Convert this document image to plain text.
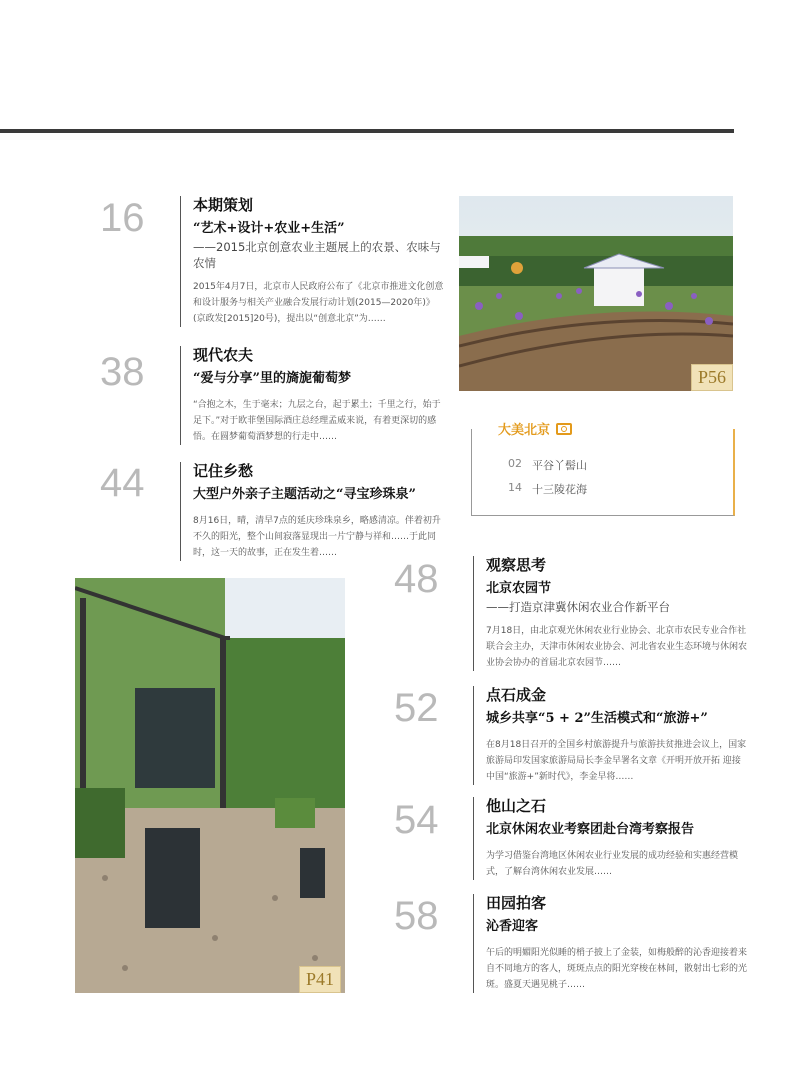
16	本期策划

“艺术+设计+农业+生活”

——2015北京创意农业主题展上的农景、农味与农情

2015年4月7日，北京市人民政府公布了《北京市推进文化创意和设计服务与相关产业融合发展行动计划(2015—2020年)》(京政发[2015]20号)，提出以“创意北京”为……

38	现代农夫

“爱与分享”里的旖旎葡萄梦

“合抱之木，生于毫末；九层之台，起于累土；千里之行，始于足下。”对于欧菲堡国际酒庄总经理孟威来说，有着更深切的感悟。在圆梦葡萄酒梦想的行走中……

44	记住乡愁

大型户外亲子主题活动之“寻宝珍珠泉”

8月16日，晴，清早7点的延庆珍珠泉乡，略感清凉。伴着初升不久的阳光，整个山间寂落显现出一片宁静与祥和……于此同时，这一天的故事，正在发生着……

P56
大美北京
02 平谷丫髻山
14 十三陵花海
P41
48	观察思考

北京农园节

——打造京津冀休闲农业合作新平台

7月18日，由北京观光休闲农业行业协会、北京市农民专业合作社联合会主办，天津市休闲农业协会、河北省农业生态环境与休闲农业协会协办的首届北京农园节……

52	点石成金

城乡共享“5 + 2”生活模式和“旅游+”

在8月18日召开的全国乡村旅游提升与旅游扶贫推进会议上，国家旅游局印发国家旅游局局长李金早署名文章《开明开放开拓 迎接中国“旅游+”新时代》，李金早将……

54	他山之石

北京休闲农业考察团赴台湾考察报告

为学习借鉴台湾地区休闲农业行业发展的成功经验和实惠经营模式，了解台湾休闲农业发展……

58	田园拍客

沁香迎客

午后的明媚阳光似睡的梢子披上了金装，如梅般醉的沁香迎接着来自不同地方的客人，斑斑点点的阳光穿梭在林间，散射出七彩的光斑。盛夏天遇见桃子……
